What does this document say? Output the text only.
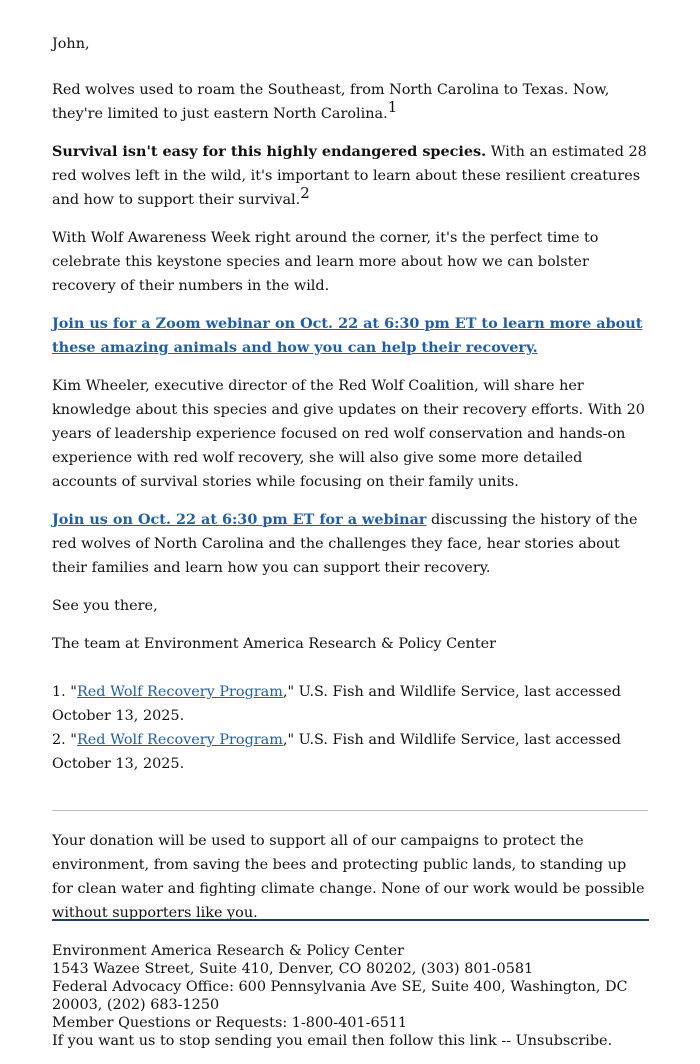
John,

Red wolves used to roam the Southeast, from North Carolina to Texas. Now, they're limited to just eastern North Carolina.$^1$

Survival isn't easy for this highly endangered species. With an estimated 28 red wolves left in the wild, it's important to learn about these resilient creatures and how to support their survival.$^2$

With Wolf Awareness Week right around the corner, it's the perfect time to celebrate this keystone species and learn more about how we can bolster recovery of their numbers in the wild.

Join us for a Zoom webinar on Oct. 22 at 6:30 pm ET to learn more about these amazing animals and how you can help their recovery.

Kim Wheeler, executive director of the Red Wolf Coalition, will share her knowledge about this species and give updates on their recovery efforts. With 20 years of leadership experience focused on red wolf conservation and hands-on experience with red wolf recovery, she will also give some more detailed accounts of survival stories while focusing on their family units.

Join us on Oct. 22 at 6:30 pm ET for a webinar discussing the history of the red wolves of North Carolina and the challenges they face, hear stories about their families and learn how you can support their recovery.

See you there,

The team at Environment America Research & Policy Center

1. "Red Wolf Recovery Program," U.S. Fish and Wildlife Service, last accessed October 13, 2025.
2. "Red Wolf Recovery Program," U.S. Fish and Wildlife Service, last accessed October 13, 2025.

Your donation will be used to support all of our campaigns to protect the environment, from saving the bees and protecting public lands, to standing up for clean water and fighting climate change. None of our work would be possible without supporters like you.

Environment America Research & Policy Center
1543 Wazee Street, Suite 410, Denver, CO 80202, (303) 801-0581
Federal Advocacy Office: 600 Pennsylvania Ave SE, Suite 400, Washington, DC 20003, (202) 683-1250
Member Questions or Requests: 1-800-401-6511
If you want us to stop sending you email then follow this link -- Unsubscribe.
